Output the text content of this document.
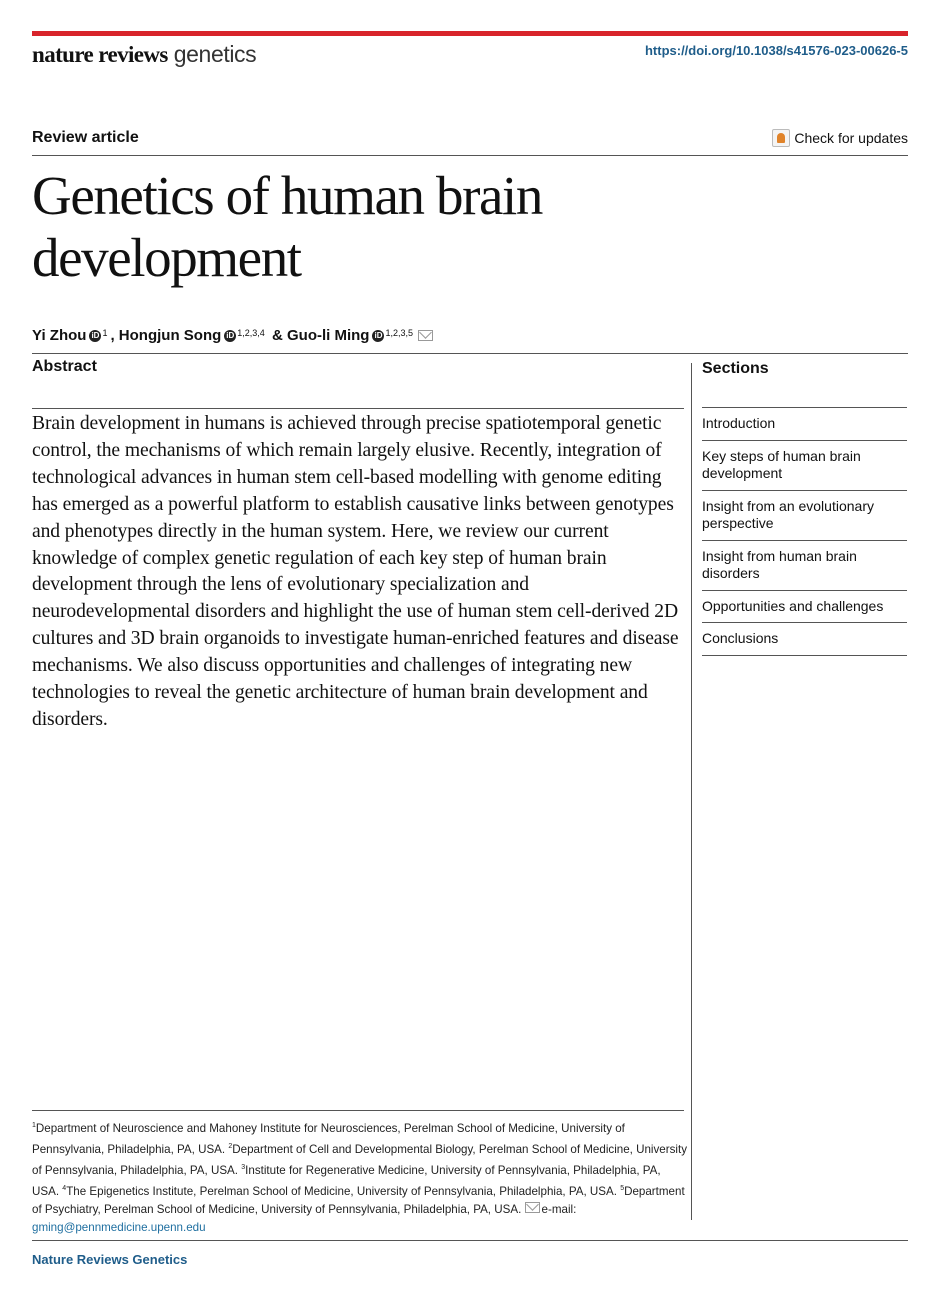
nature reviews genetics	https://doi.org/10.1038/s41576-023-00626-5
Review article	Check for updates
Genetics of human brain development
Yi Zhou iD $^1$ , Hongjun Song iD $^{1,2,3,4}$ & Guo-li Ming iD $^{1,2,3,5}$
Abstract
Brain development in humans is achieved through precise spatiotemporal genetic control, the mechanisms of which remain largely elusive. Recently, integration of technological advances in human stem cell-based modelling with genome editing has emerged as a powerful platform to establish causative links between genotypes and phenotypes directly in the human system. Here, we review our current knowledge of complex genetic regulation of each key step of human brain development through the lens of evolutionary specialization and neurodevelopmental disorders and highlight the use of human stem cell-derived 2D cultures and 3D brain organoids to investigate human-enriched features and disease mechanisms. We also discuss opportunities and challenges of integrating new technologies to reveal the genetic architecture of human brain development and disorders.
Sections
Introduction
Key steps of human brain development
Insight from an evolutionary perspective
Insight from human brain disorders
Opportunities and challenges
Conclusions
$^1$Department of Neuroscience and Mahoney Institute for Neurosciences, Perelman School of Medicine, University of Pennsylvania, Philadelphia, PA, USA. $^2$Department of Cell and Developmental Biology, Perelman School of Medicine, University of Pennsylvania, Philadelphia, PA, USA. $^3$Institute for Regenerative Medicine, University of Pennsylvania, Philadelphia, PA, USA. $^4$The Epigenetics Institute, Perelman School of Medicine, University of Pennsylvania, Philadelphia, PA, USA. $^5$Department of Psychiatry, Perelman School of Medicine, University of Pennsylvania, Philadelphia, PA, USA. e-mail: gming@pennmedicine.upenn.edu
Nature Reviews Genetics
